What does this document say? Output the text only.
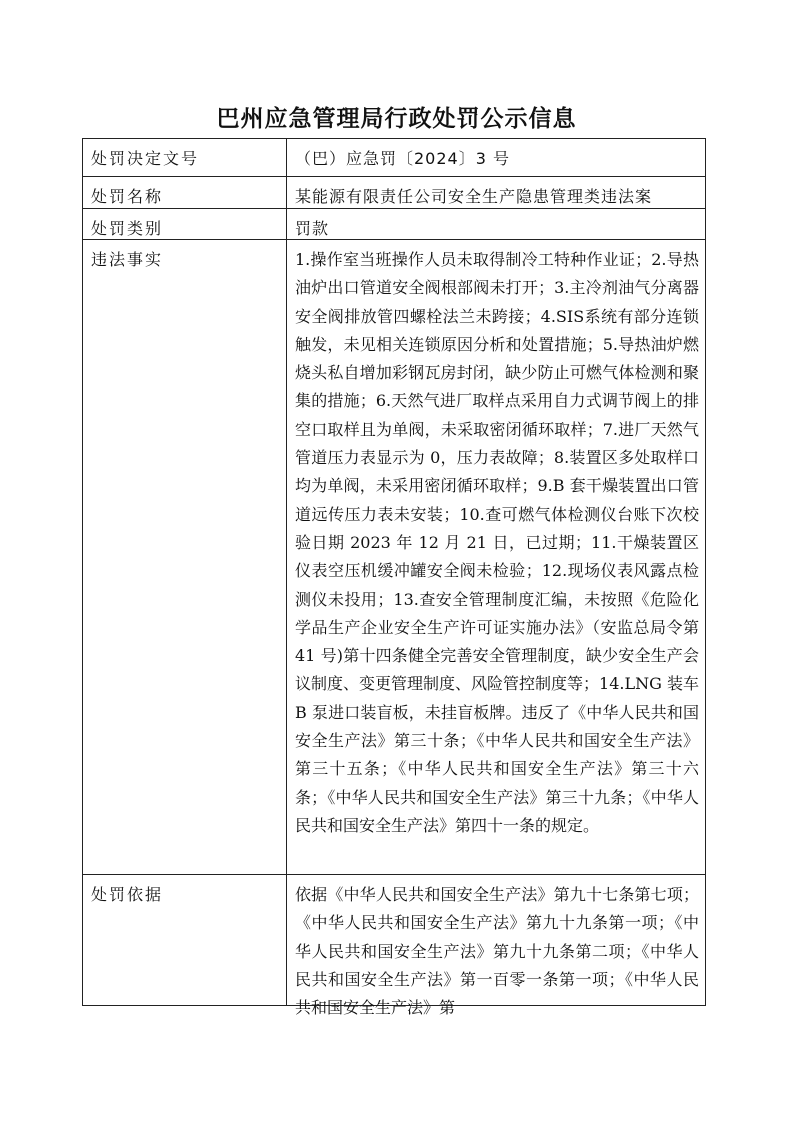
巴州应急管理局行政处罚公示信息
处罚决定文号	（巴）应急罚〔2024〕3 号
处罚名称	某能源有限责任公司安全生产隐患管理类违法案
处罚类别	罚款
违法事实	1.操作室当班操作人员未取得制冷工特种作业证；2.导热油炉出口管道安全阀根部阀未打开；3.主冷剂油气分离器安全阀排放管四螺栓法兰未跨接；4.SIS系统有部分连锁触发，未见相关连锁原因分析和处置措施；5.导热油炉燃烧头私自增加彩钢瓦房封闭，缺少防止可燃气体检测和聚集的措施；6.天然气进厂取样点采用自力式调节阀上的排空口取样且为单阀，未采取密闭循环取样；7.进厂天然气管道压力表显示为 0，压力表故障；8.装置区多处取样口均为单阀，未采用密闭循环取样；9.B 套干燥装置出口管道远传压力表未安装；10.查可燃气体检测仪台账下次校验日期 2023 年 12 月 21 日，已过期；11.干燥装置区仪表空压机缓冲罐安全阀未检验；12.现场仪表风露点检测仪未投用；13.查安全管理制度汇编，未按照《危险化学品生产企业安全生产许可证实施办法》（安监总局令第 41 号)第十四条健全完善安全管理制度，缺少安全生产会议制度、变更管理制度、风险管控制度等；14.LNG 装车 B 泵进口装盲板，未挂盲板牌。违反了《中华人民共和国安全生产法》第三十条；《中华人民共和国安全生产法》第三十五条；《中华人民共和国安全生产法》第三十六条；《中华人民共和国安全生产法》第三十九条；《中华人民共和国安全生产法》第四十一条的规定。
处罚依据	依据《中华人民共和国安全生产法》第九十七条第七项；《中华人民共和国安全生产法》第九十九条第一项；《中华人民共和国安全生产法》第九十九条第二项；《中华人民共和国安全生产法》第一百零一条第一项；《中华人民共和国安全生产法》第
